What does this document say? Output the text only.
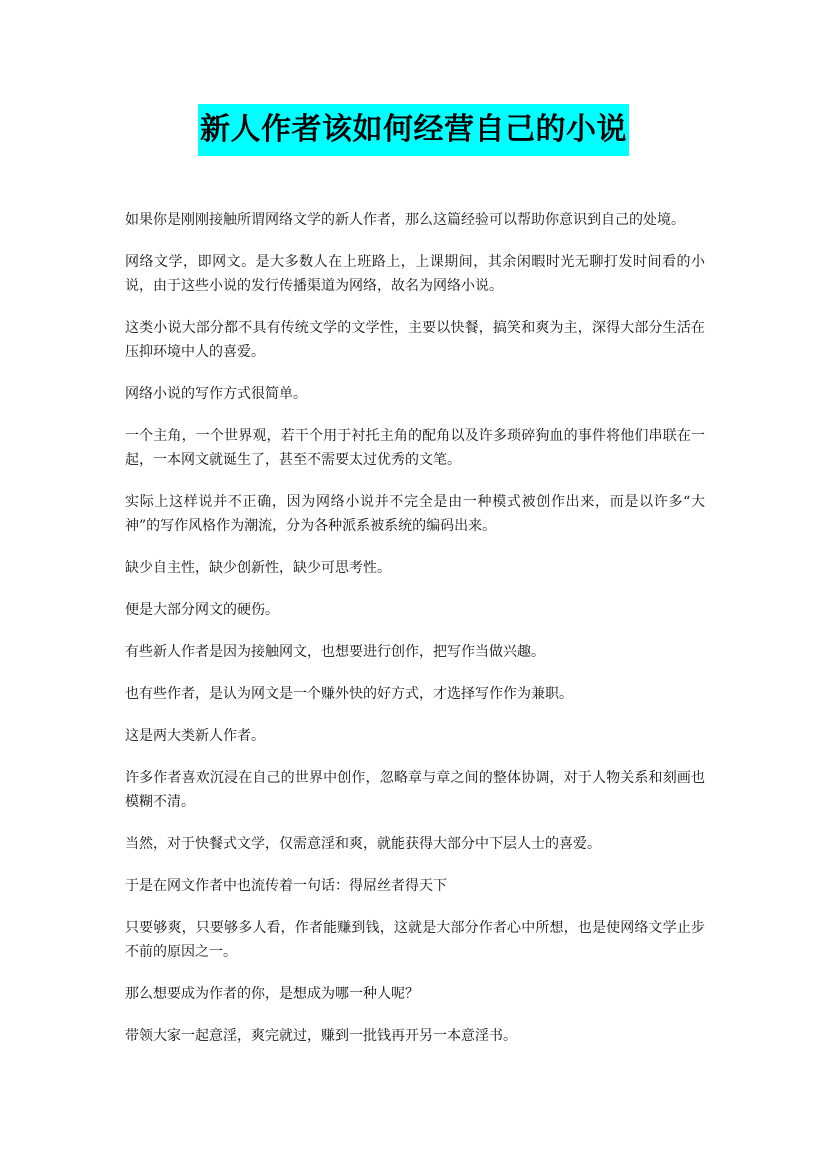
新人作者该如何经营自己的小说

如果你是刚刚接触所谓网络文学的新人作者，那么这篇经验可以帮助你意识到自己的处境。

网络文学，即网文。是大多数人在上班路上，上课期间，其余闲暇时光无聊打发时间看的小说，由于这些小说的发行传播渠道为网络，故名为网络小说。

这类小说大部分都不具有传统文学的文学性，主要以快餐，搞笑和爽为主，深得大部分生活在压抑环境中人的喜爱。

网络小说的写作方式很简单。

一个主角，一个世界观，若干个用于衬托主角的配角以及许多琐碎狗血的事件将他们串联在一起，一本网文就诞生了，甚至不需要太过优秀的文笔。

实际上这样说并不正确，因为网络小说并不完全是由一种模式被创作出来，而是以许多“大神”的写作风格作为潮流，分为各种派系被系统的编码出来。

缺少自主性，缺少创新性，缺少可思考性。

便是大部分网文的硬伤。

有些新人作者是因为接触网文，也想要进行创作，把写作当做兴趣。

也有些作者，是认为网文是一个赚外快的好方式，才选择写作作为兼职。

这是两大类新人作者。

许多作者喜欢沉浸在自己的世界中创作，忽略章与章之间的整体协调，对于人物关系和刻画也模糊不清。

当然，对于快餐式文学，仅需意淫和爽，就能获得大部分中下层人士的喜爱。

于是在网文作者中也流传着一句话：得屌丝者得天下

只要够爽，只要够多人看，作者能赚到钱，这就是大部分作者心中所想，也是使网络文学止步不前的原因之一。

那么想要成为作者的你，是想成为哪一种人呢？

带领大家一起意淫，爽完就过，赚到一批钱再开另一本意淫书。
